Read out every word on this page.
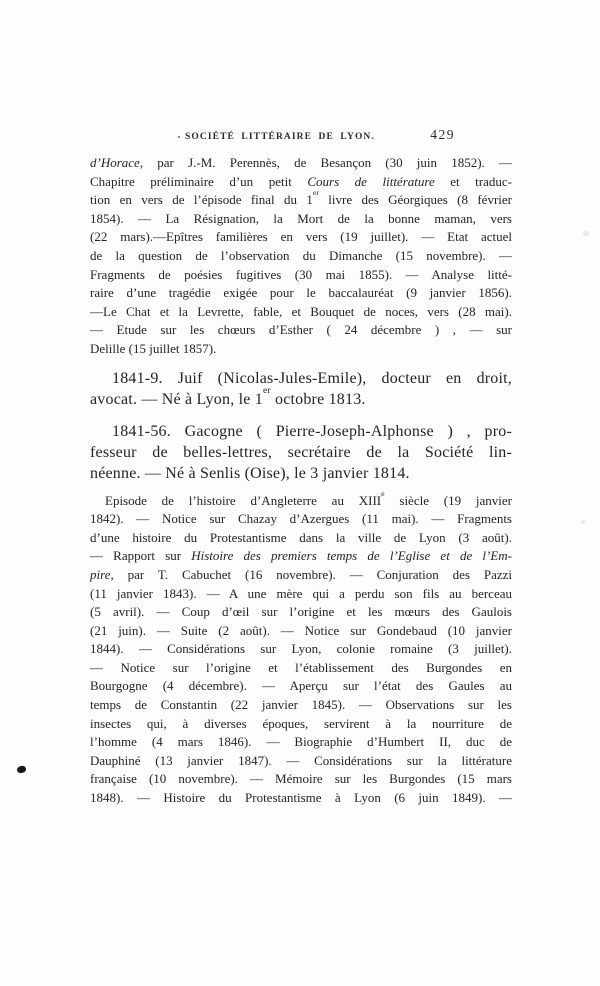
SOCIÉTÉ LITTÉRAIRE DE LYON.	429
d’Horace, par J.-M. Perennès, de Besançon (30 juin 1852). —
Chapitre préliminaire d’un petit Cours de littérature et traduc-
tion en vers de l’épisode final du 1er livre des Géorgiques (8 février
1854). — La Résignation, la Mort de la bonne maman, vers
(22 mars).—Epîtres familières en vers (19 juillet). — Etat actuel
de la question de l’observation du Dimanche (15 novembre). —
Fragments de poésies fugitives (30 mai 1855). — Analyse litté-
raire d’une tragédie exigée pour le baccalauréat (9 janvier 1856).
—Le Chat et la Levrette, fable, et Bouquet de noces, vers (28 mai).
— Etude sur les chœurs d’Esther ( 24 décembre ) , — sur
Delille (15 juillet 1857).
1841-9. Juif (Nicolas-Jules-Emile), docteur en droit,
avocat. — Né à Lyon, le 1er octobre 1813.
1841-56. Gacogne ( Pierre-Joseph-Alphonse ) , pro-
fesseur de belles-lettres, secrétaire de la Société lin-
néenne. — Né à Senlis (Oise), le 3 janvier 1814.
Episode de l’histoire d’Angleterre au XIIIe siècle (19 janvier
1842). — Notice sur Chazay d’Azergues (11 mai). — Fragments
d’une histoire du Protestantisme dans la ville de Lyon (3 août).
— Rapport sur Histoire des premiers temps de l’Eglise et de l’Em-
pire, par T. Cabuchet (16 novembre). — Conjuration des Pazzi
(11 janvier 1843). — A une mère qui a perdu son fils au berceau
(5 avril). — Coup d’œil sur l’origine et les mœurs des Gaulois
(21 juin). — Suite (2 août). — Notice sur Gondebaud (10 janvier
1844). — Considérations sur Lyon, colonie romaine (3 juillet).
— Notice sur l’origine et l’établissement des Burgondes en
Bourgogne (4 décembre). — Aperçu sur l’état des Gaules au
temps de Constantin (22 janvier 1845). — Observations sur les
insectes qui, à diverses époques, servirent à la nourriture de
l’homme (4 mars 1846). — Biographie d’Humbert II, duc de
Dauphiné (13 janvier 1847). — Considérations sur la littérature
française (10 novembre). — Mémoire sur les Burgondes (15 mars
1848). — Histoire du Protestantisme à Lyon (6 juin 1849). —
